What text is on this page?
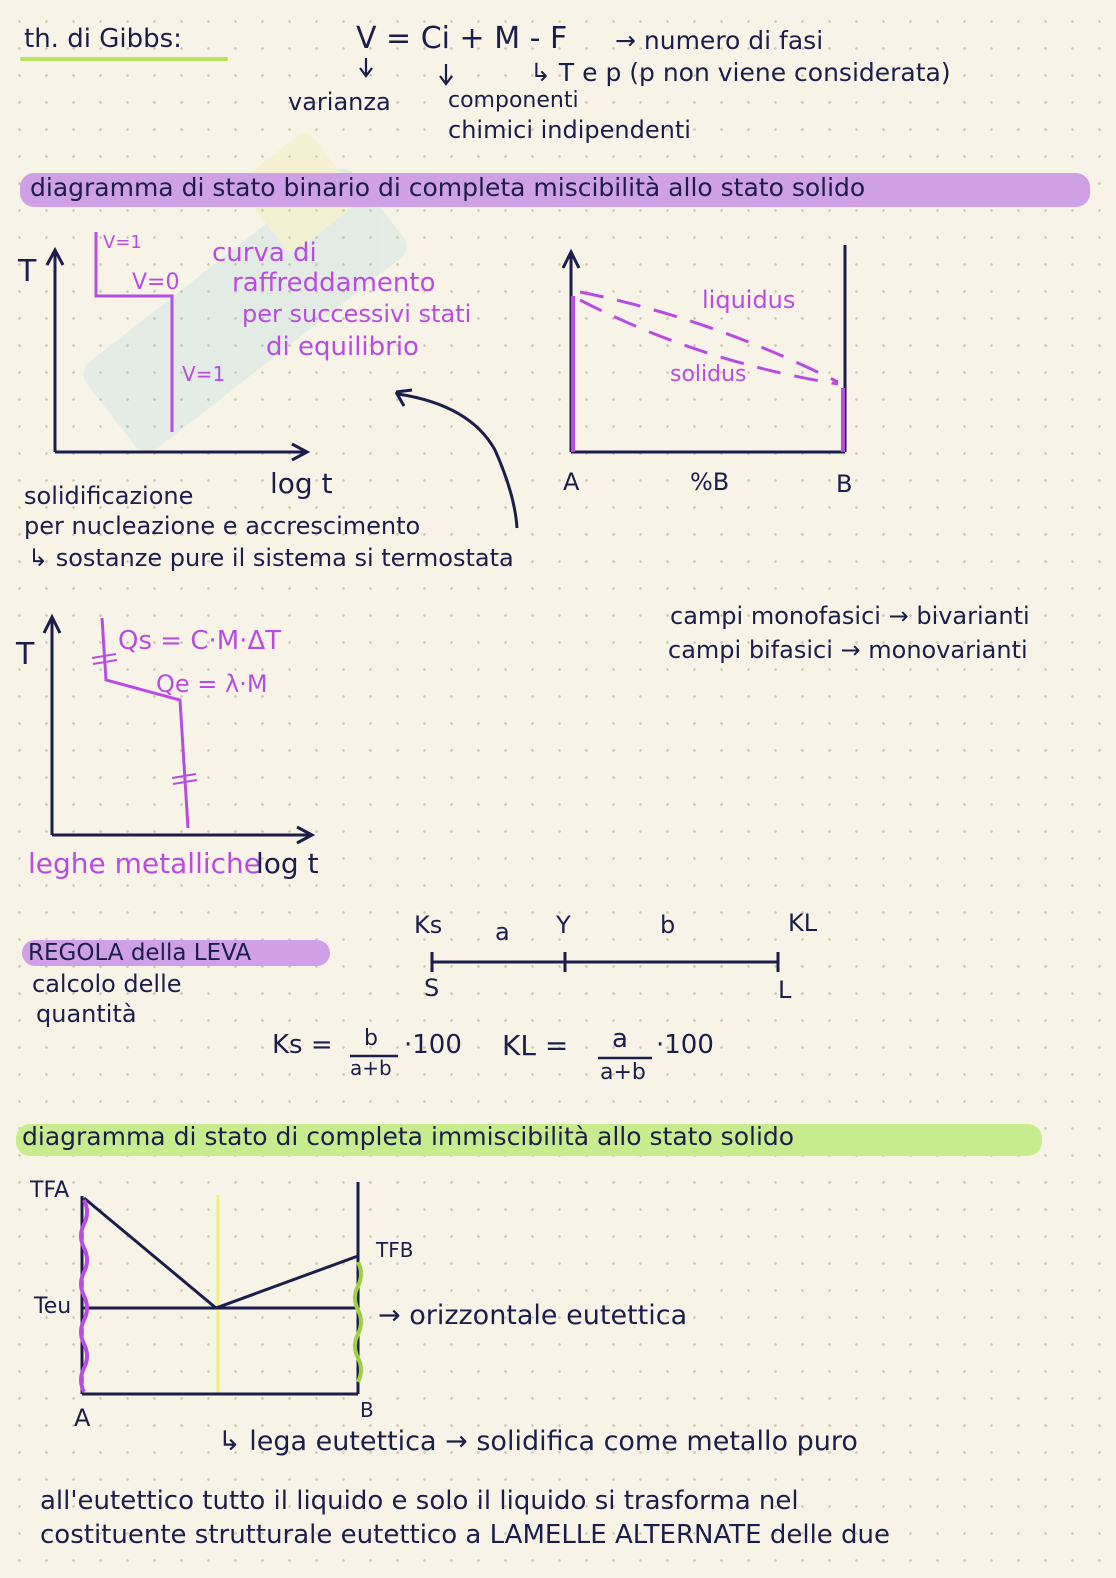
th. di Gibbs:	V = Ci + M - F → numero di fasi
↳ T e p (p non viene considerata)
varianza	componenti
chimici indipendenti
diagramma di stato binario di completa miscibilità allo stato solido
T
log t
V=1
V=0
V=1
curva di
raffreddamento
per successivi stati
di equilibrio
liquidus
solidus
A	%B	B
solidificazione
per nucleazione e accrescimento
↳ sostanze pure il sistema si termostata
campi monofasici → bivarianti
campi bifasici → monovarianti
T	Qs = C·M·ΔT
Qe = λ·M
leghe metalliche
log t
REGOLA della LEVA
calcolo delle
quantità
Ks a Y	b	KL
S	L
Ks = b
a+b
·100 KL = a
a+b
·100
diagramma di stato di completa immiscibilità allo stato solido
TFA
TFB
Teu
A	B
→ orizzontale eutettica
↳ lega eutettica → solidifica come metallo puro
all'eutettico tutto il liquido e solo il liquido si trasforma nel
costituente strutturale eutettico a LAMELLE ALTERNATE delle due
